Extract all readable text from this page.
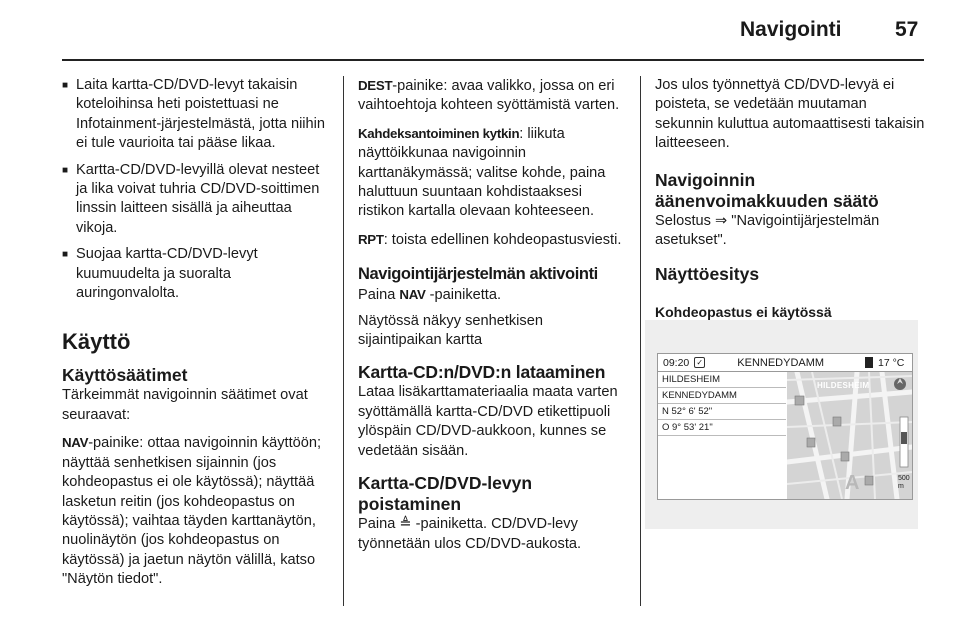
Navigointi	57
■ Laita kartta-CD/DVD-levyt takaisin koteloihinsa heti poistettuasi ne Infotainment-järjestelmästä, jotta niihin ei tule vaurioita tai pääse likaa.
■ Kartta-CD/DVD-levyillä olevat nesteet ja lika voivat tuhria CD/DVD-soittimen linssin laitteen sisällä ja aiheuttaa vikoja.
■ Suojaa kartta-CD/DVD-levyt kuumuudelta ja suoralta auringonvalolta.
Käyttö
Käyttösäätimet

Tärkeimmät navigoinnin säätimet ovat seuraavat:

NAV-painike: ottaa navigoinnin käyttöön; näyttää senhetkisen sijainnin (jos kohdeopastus ei ole käytössä); näyttää lasketun reitin (jos kohdeopastus on käytössä); vaihtaa täyden karttanäytön, nuolinäytön (jos kohdeopastus on käytössä) ja jaetun näytön välillä, katso "Näytön tiedot".

DEST-painike: avaa valikko, jossa on eri vaihtoehtoja kohteen syöttämistä varten.

Kahdeksantoiminen kytkin: liikuta näyttöikkunaa navigoinnin karttanäkymässä; valitse kohde, paina haluttuun suuntaan kohdistaaksesi ristikon kartalla olevaan kohteeseen.

RPT: toista edellinen kohdeopastusviesti.

Navigointijärjestelmän aktivointi

Paina NAV -painiketta.

Näytössä näkyy senhetkisen sijaintipaikan kartta

Kartta-CD:n/DVD:n lataaminen

Lataa lisäkarttamateriaalia maata varten syöttämällä kartta-CD/DVD etikettipuoli ylöspäin CD/DVD-aukkoon, kunnes se vedetään sisään.

Kartta-CD/DVD-levyn poistaminen

Paina ≜ -painiketta. CD/DVD-levy työnnetään ulos CD/DVD-aukosta.

Jos ulos työnnettyä CD/DVD-levyä ei poisteta, se vedetään muutaman sekunnin kuluttua automaattisesti takaisin laitteeseen.

Navigoinnin äänenvoimakkuuden säätö

Selostus ⇒ "Navigointijärjestelmän asetukset".

Näyttöesitys
Kohdeopastus ei käytössä
09:20 ✓	KENNEDYDAMM	17 °C
HILDESHEIM
KENNEDYDAMM
N 52° 6' 52"
O 9° 53' 21"
HILDESHEIM
A	500 m
